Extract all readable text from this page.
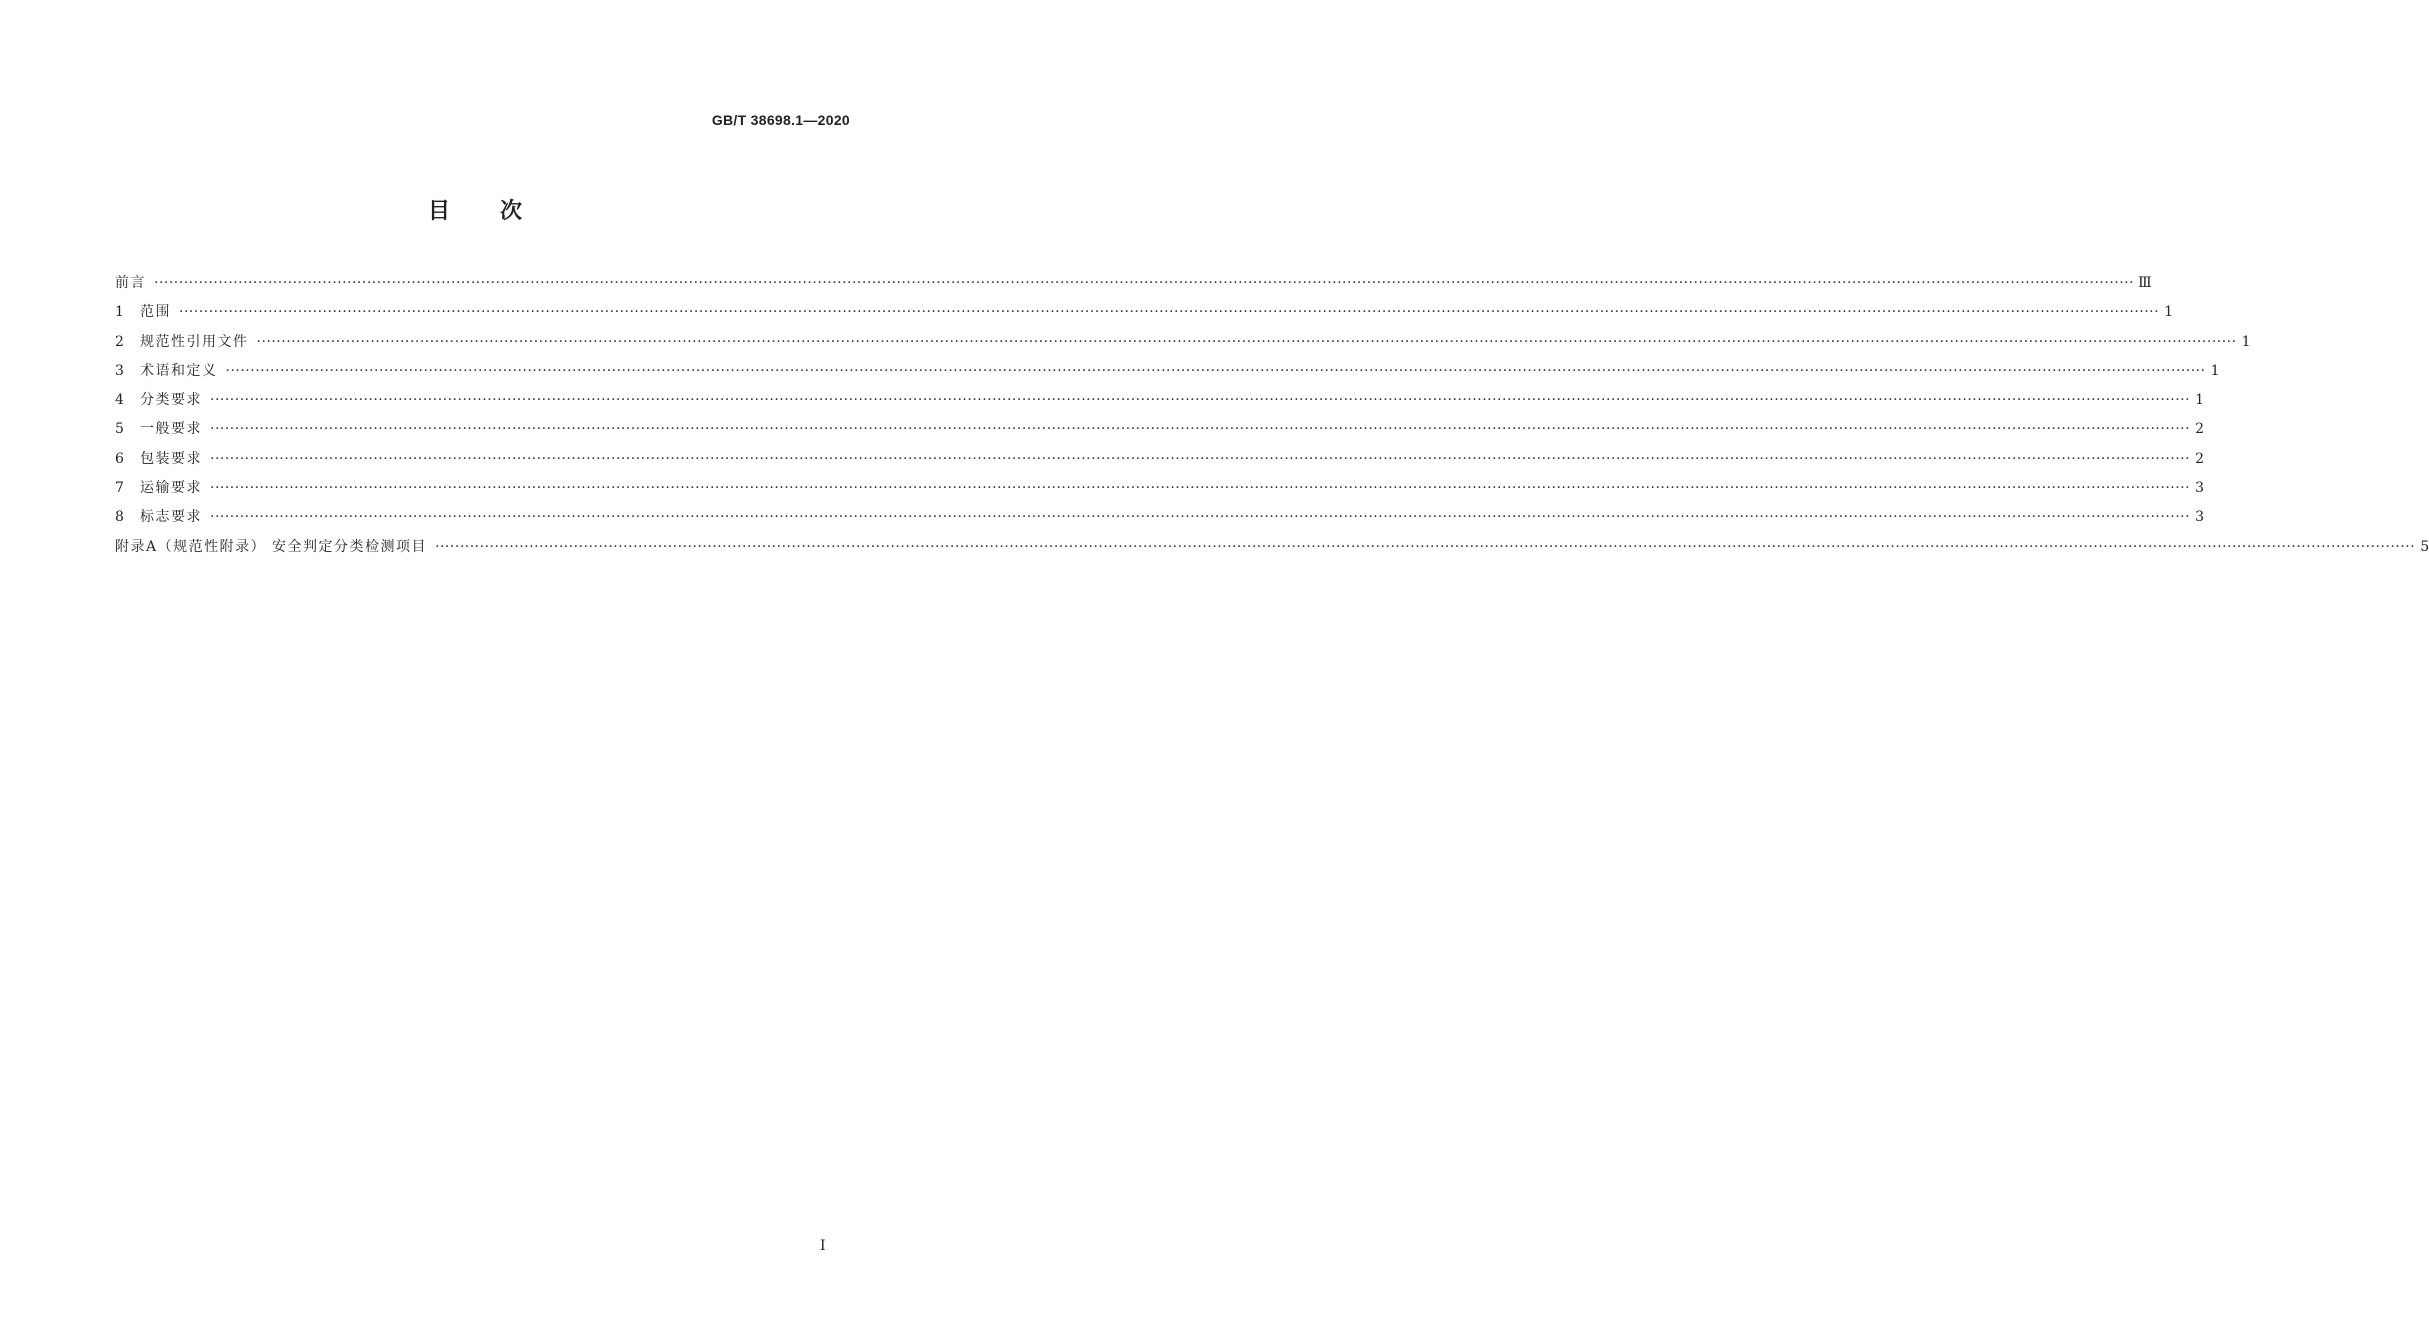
GB/T 38698.1—2020
目次
前言 ················································································································································································································································································································································································································ Ⅲ
1	范围 ················································································································································································································································································································································································································ 1
2	规范性引用文件 ················································································································································································································································································································································································································ 1
3	术语和定义 ················································································································································································································································································································································································································ 1
4	分类要求 ················································································································································································································································································································································································································ 1
5	一般要求 ················································································································································································································································································································································································································ 2
6	包装要求 ················································································································································································································································································································································································································ 2
7	运输要求 ················································································································································································································································································································································································································ 3
8	标志要求 ················································································································································································································································································································································································································ 3
附录A（规范性附录） 安全判定分类检测项目 ················································································································································································································································································································································································································ 5
I
